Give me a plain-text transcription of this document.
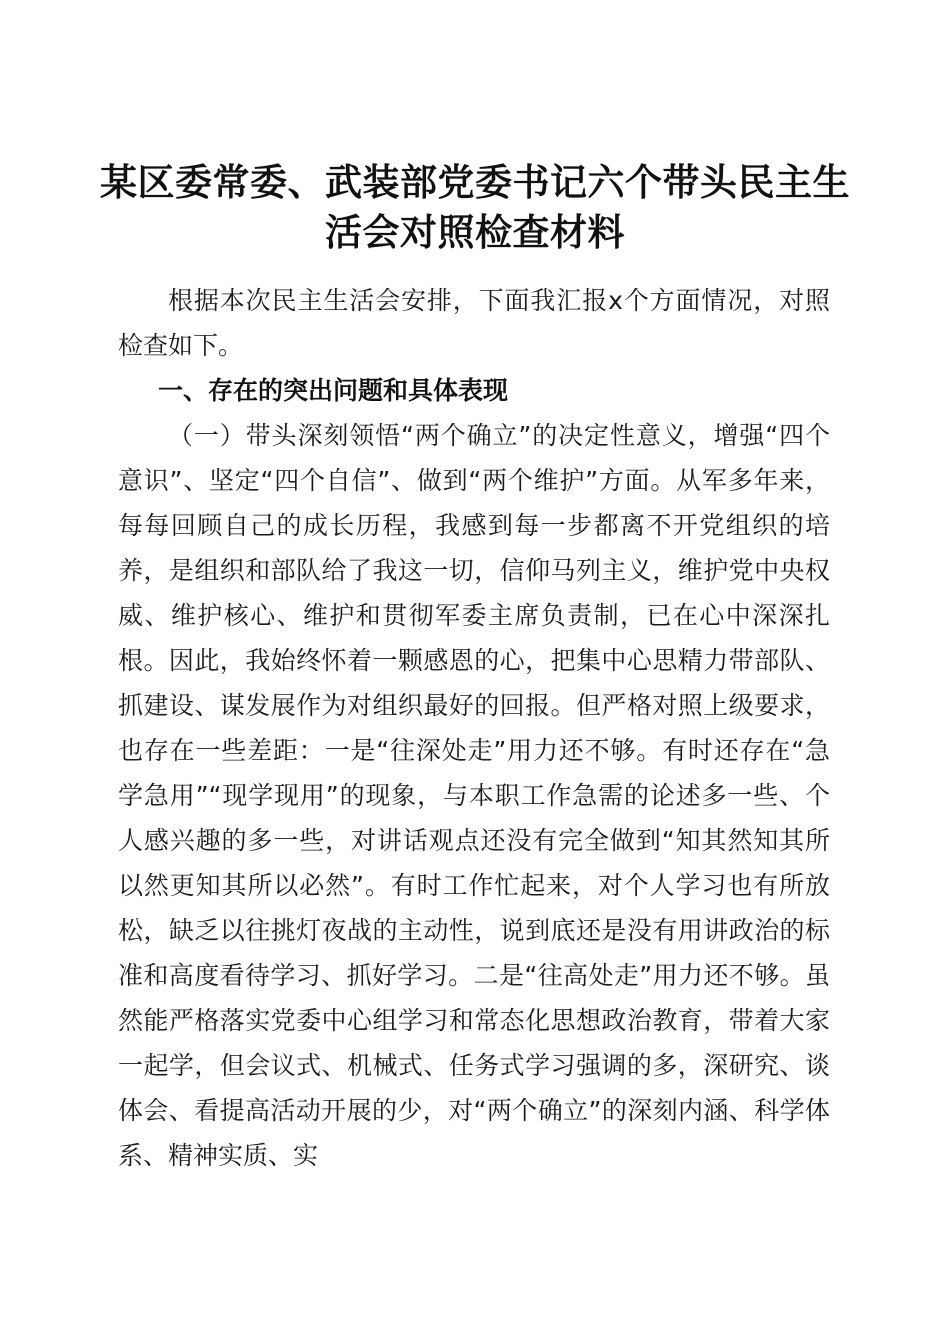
某区委常委、武装部党委书记六个带头民主生
活会对照检查材料

根据本次民主生活会安排，下面我汇报x个方面情况，对照检查如下。

一、存在的突出问题和具体表现

（一）带头深刻领悟“两个确立”的决定性意义，增强“四个意识”、坚定“四个自信”、做到“两个维护”方面。从军多年来，每每回顾自己的成长历程，我感到每一步都离不开党组织的培养，是组织和部队给了我这一切，信仰马列主义，维护党中央权威、维护核心、维护和贯彻军委主席负责制，已在心中深深扎根。因此，我始终怀着一颗感恩的心，把集中心思精力带部队、抓建设、谋发展作为对组织最好的回报。但严格对照上级要求，也存在一些差距：一是“往深处走”用力还不够。有时还存在“急学急用”“现学现用”的现象，与本职工作急需的论述多一些、个人感兴趣的多一些，对讲话观点还没有完全做到“知其然知其所以然更知其所以必然”。有时工作忙起来，对个人学习也有所放松，缺乏以往挑灯夜战的主动性，说到底还是没有用讲政治的标准和高度看待学习、抓好学习。二是“往高处走”用力还不够。虽然能严格落实党委中心组学习和常态化思想政治教育，带着大家一起学，但会议式、机械式、任务式学习强调的多，深研究、谈体会、看提高活动开展的少，对“两个确立”的深刻内涵、科学体系、精神实质、实
